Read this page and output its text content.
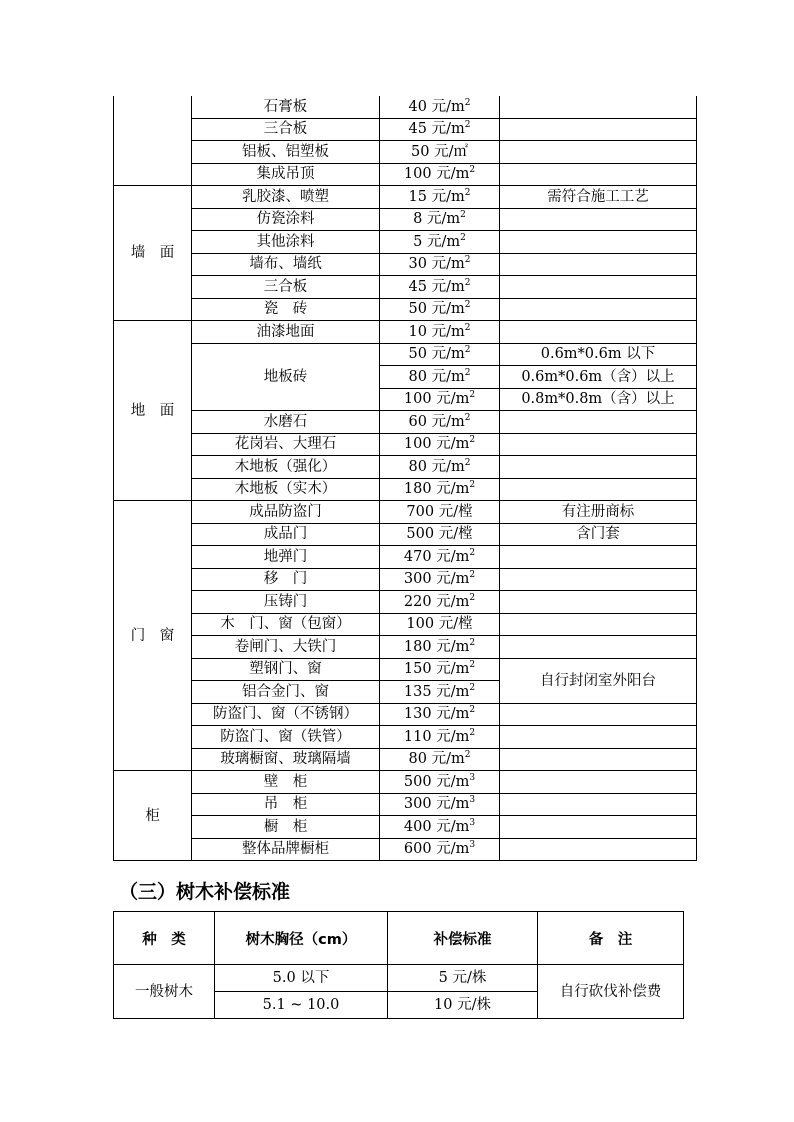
	石膏板	40 元$/m^2$	
	三合板	45 元$/m^2$	
	铝板、铝塑板	50 元/㎡	
	集成吊顶	100 元$/m^2$	
墙　面	乳胶漆、喷塑	15 元$/m^2$	需符合施工工艺
	仿瓷涂料	8 元$/m^2$	
	其他涂料	5 元$/m^2$	
	墙布、墙纸	30 元$/m^2$	
	三合板	45 元$/m^2$	
	瓷　砖	50 元$/m^2$	
地　面	油漆地面	10 元$/m^2$	
	地板砖	50 元$/m^2$	0.6m*0.6m 以下
		80 元$/m^2$	0.6m*0.6m（含）以上
		100 元$/m^2$	0.8m*0.8m（含）以上
	水磨石	60 元$/m^2$	
	花岗岩、大理石	100 元$/m^2$	
	木地板（强化）	80 元$/m^2$	
	木地板（实木）	180 元$/m^2$	
门　窗	成品防盗门	700 元/樘	有注册商标
	成品门	500 元/樘	含门套
	地弹门	470 元$/m^2$	
	移　门	300 元$/m^2$	
	压铸门	220 元$/m^2$	
	木　门、窗（包窗）	100 元/樘	
	卷闸门、大铁门	180 元$/m^2$	
	塑钢门、窗	150 元$/m^2$	自行封闭室外阳台
	铝合金门、窗	135 元$/m^2$
	防盗门、窗（不锈钢）	130 元$/m^2$	
	防盗门、窗（铁管）	110 元$/m^2$	
	玻璃橱窗、玻璃隔墙	80 元$/m^2$	
柜	壁　柜	500 元$/m^3$	
	吊　柜	300 元$/m^3$	
	橱　柜	400 元$/m^3$	
	整体品牌橱柜	600 元$/m^3$	
（三）树木补偿标准
种　类	树木胸径（cm）	补偿标准	备　注
一般树木	5.0 以下	5 元/株	自行砍伐补偿费
	5.1 ~ 10.0	10 元/株	
